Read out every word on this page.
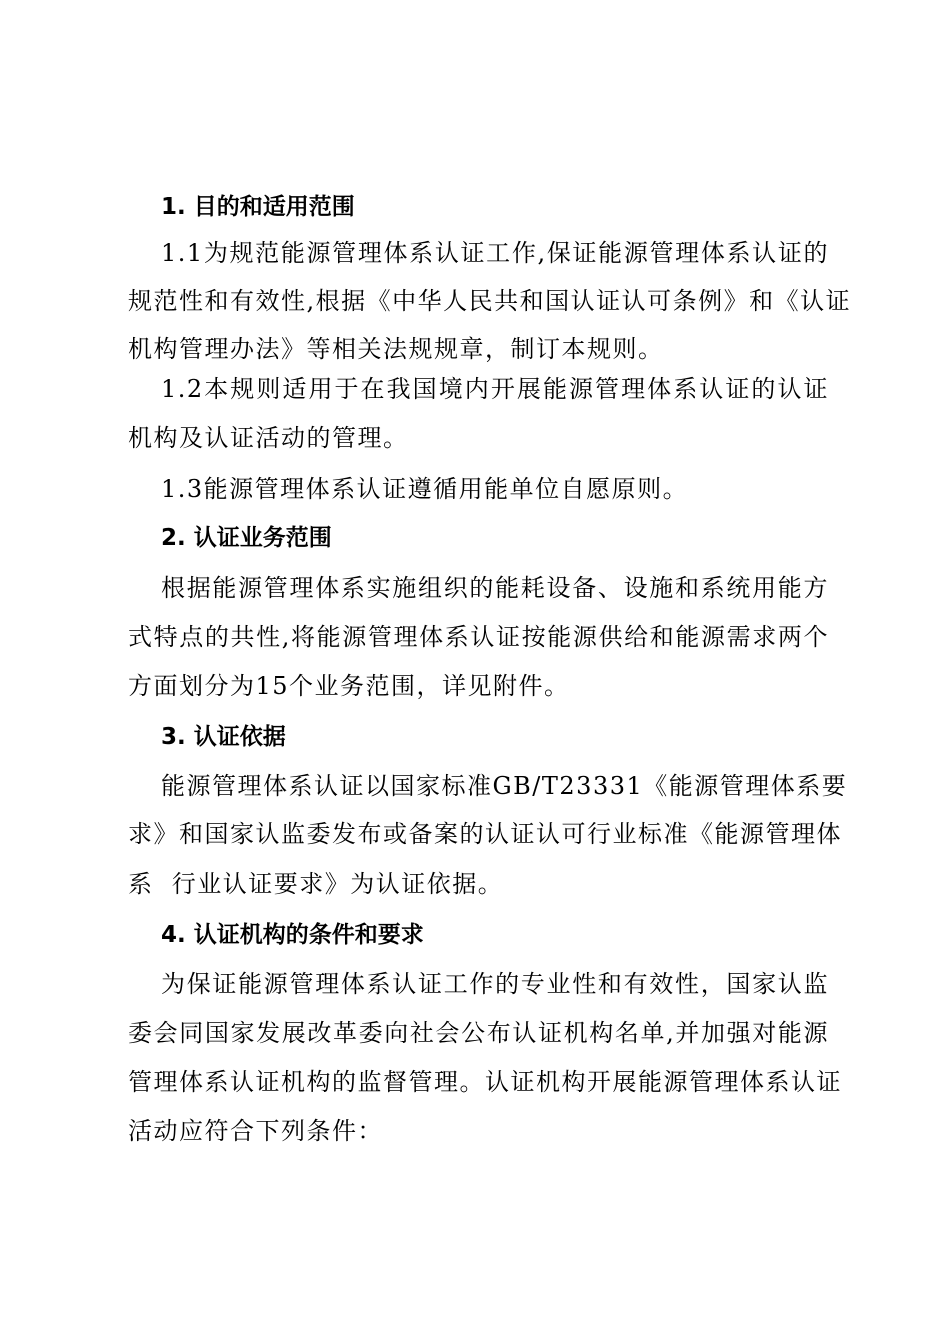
1. 目的和适用范围
1.1为规范能源管理体系认证工作,保证能源管理体系认证的
规范性和有效性,根据《中华人民共和国认证认可条例》和《认证
机构管理办法》等相关法规规章，制订本规则。
1.2本规则适用于在我国境内开展能源管理体系认证的认证
机构及认证活动的管理。
1.3能源管理体系认证遵循用能单位自愿原则。
2. 认证业务范围
根据能源管理体系实施组织的能耗设备、设施和系统用能方
式特点的共性,将能源管理体系认证按能源供给和能源需求两个
方面划分为15个业务范围，详见附件。
3. 认证依据
能源管理体系认证以国家标准GB/T23331《能源管理体系要
求》和国家认监委发布或备案的认证认可行业标准《能源管理体
系  行业认证要求》为认证依据。
4. 认证机构的条件和要求
为保证能源管理体系认证工作的专业性和有效性，国家认监
委会同国家发展改革委向社会公布认证机构名单,并加强对能源
管理体系认证机构的监督管理。认证机构开展能源管理体系认证
活动应符合下列条件：
